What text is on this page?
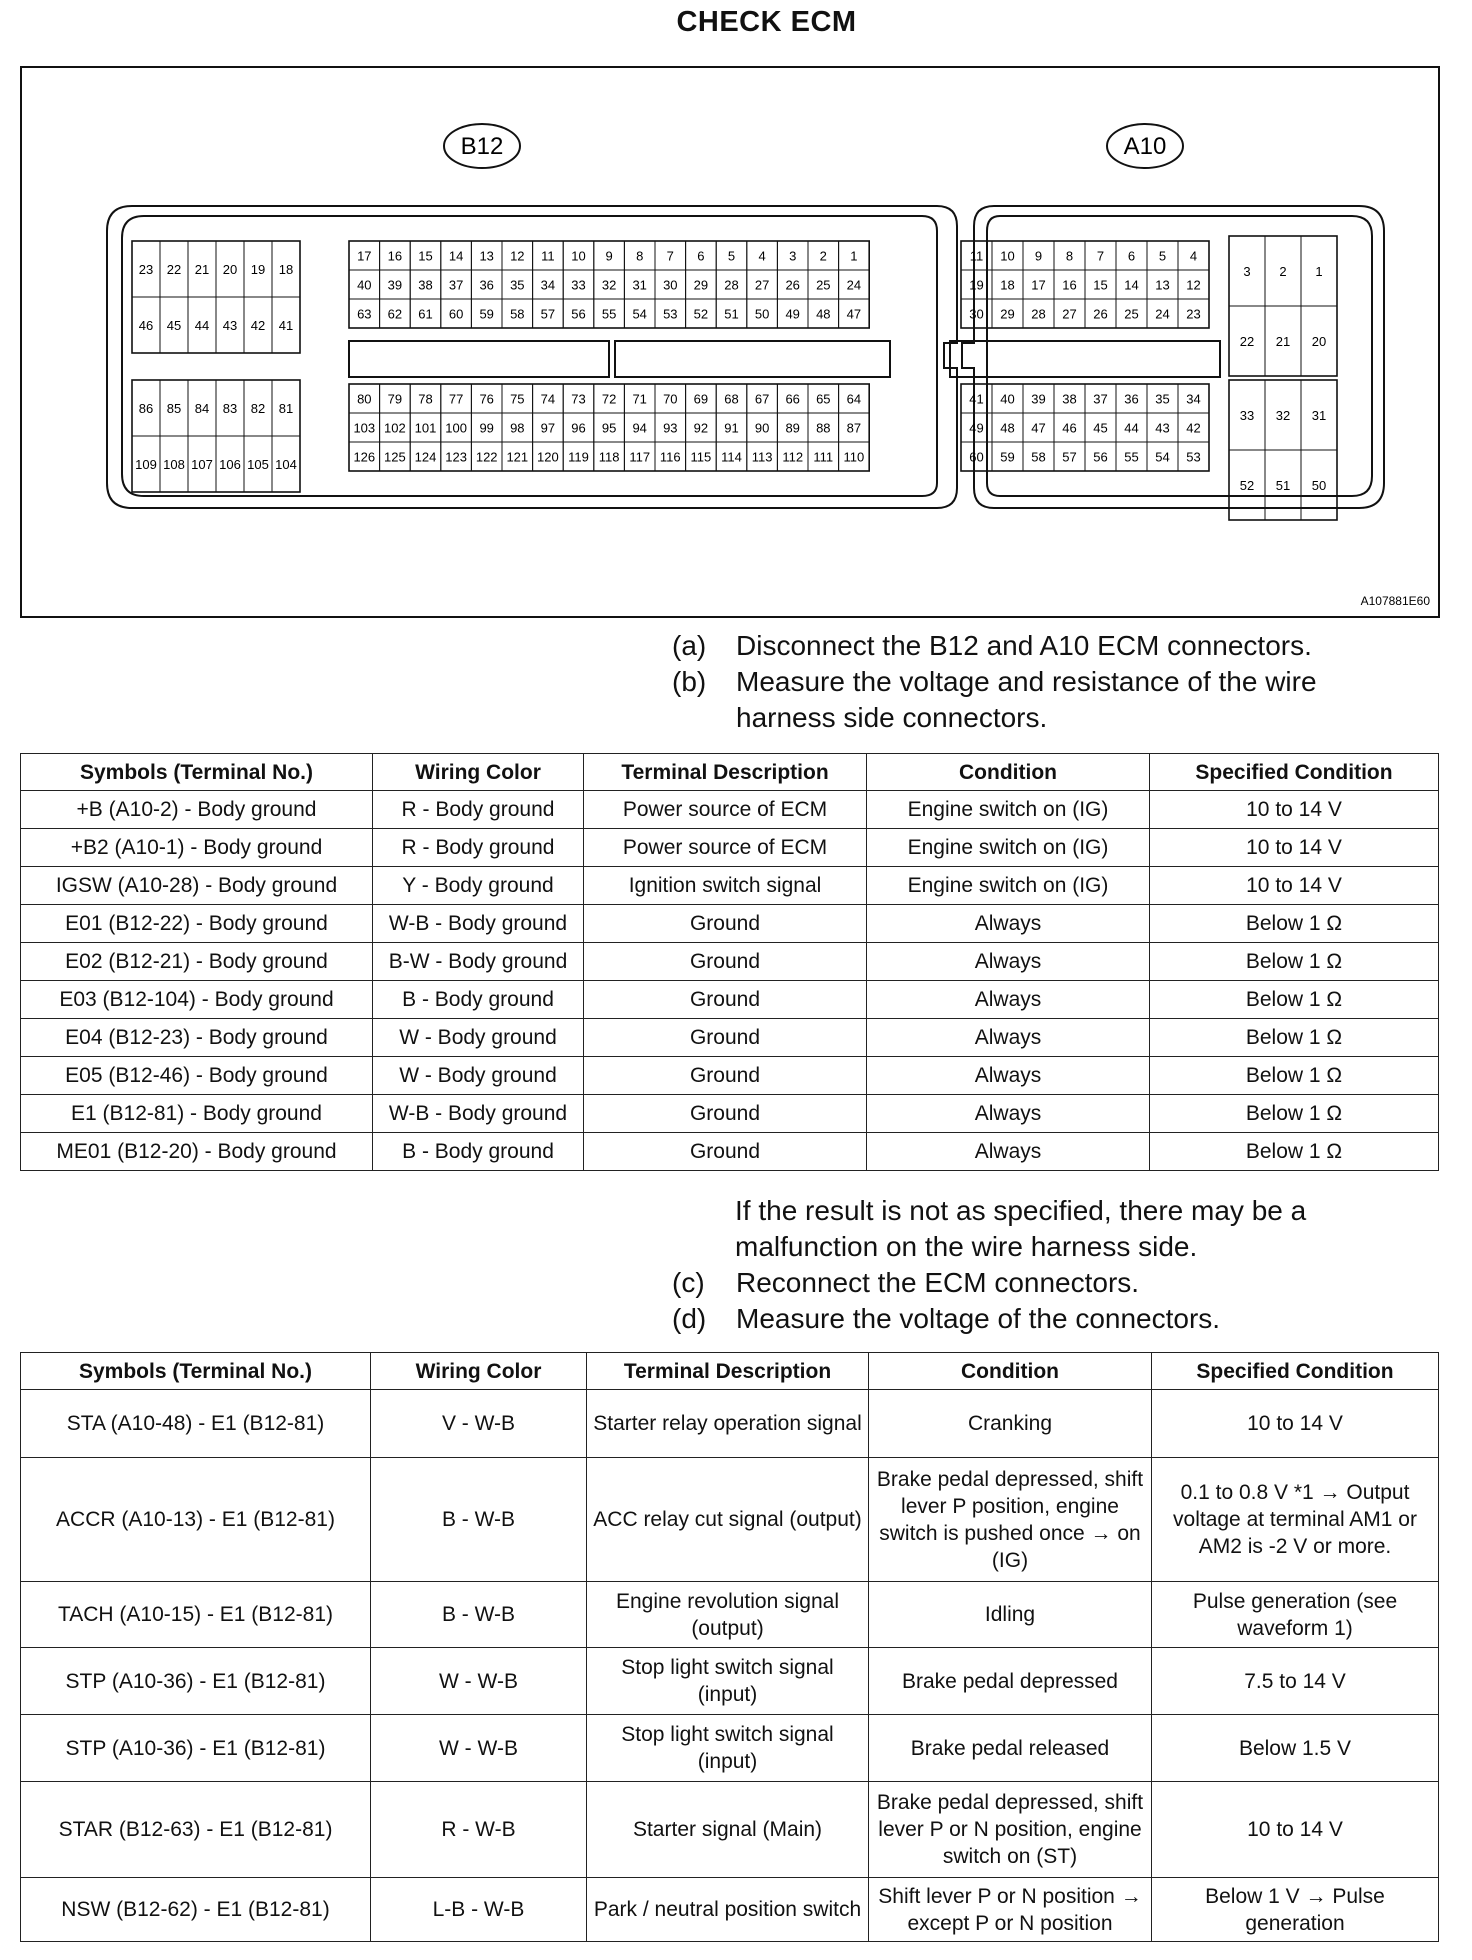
CHECK ECM
B12	A10
A107881E60
23 22 21 20 19 18
46 45 44 43 42 41
17 16 15 14 13 12 11 10 9 8 7 6 5 4 3 2 1
40 39 38 37 36 35 34 33 32 31 30 29 28 27 26 25 24
63 62 61 60 59 58 57 56 55 54 53 52 51 50 49 48 47
86 85 84 83 82 81
109 108 107 106 105 104
80 79 78 77 76 75 74 73 72 71 70 69 68 67 66 65 64
103 102 101 100 99 98 97 96 95 94 93 92 91 90 89 88 87
126 125 124 123 122 121 120 119 118 117 116 115 114 113 112 111 110
11 10 9 8 7 6 5 4
19 18 17 16 15 14 13 12
30 29 28 27 26 25 24 23
3 2 1
22 21 20
41 40 39 38 37 36 35 34
49 48 47 46 45 44 43 42
60 59 58 57 56 55 54 53
33 32 31
52 51 50
(a)	Disconnect the B12 and A10 ECM connectors.
(b)	Measure the voltage and resistance of the wire harness side connectors.
Symbols (Terminal No.)	Wiring Color	Terminal Description	Condition	Specified Condition
+B (A10-2) - Body ground	R - Body ground	Power source of ECM	Engine switch on (IG)	10 to 14 V
+B2 (A10-1) - Body ground	R - Body ground	Power source of ECM	Engine switch on (IG)	10 to 14 V
IGSW (A10-28) - Body ground	Y - Body ground	Ignition switch signal	Engine switch on (IG)	10 to 14 V
E01 (B12-22) - Body ground	W-B - Body ground	Ground	Always	Below 1 Ω
E02 (B12-21) - Body ground	B-W - Body ground	Ground	Always	Below 1 Ω
E03 (B12-104) - Body ground	B - Body ground	Ground	Always	Below 1 Ω
E04 (B12-23) - Body ground	W - Body ground	Ground	Always	Below 1 Ω
E05 (B12-46) - Body ground	W - Body ground	Ground	Always	Below 1 Ω
E1 (B12-81) - Body ground	W-B - Body ground	Ground	Always	Below 1 Ω
ME01 (B12-20) - Body ground	B - Body ground	Ground	Always	Below 1 Ω
If the result is not as specified, there may be a malfunction on the wire harness side.
(c)	Reconnect the ECM connectors.
(d)	Measure the voltage of the connectors.
Symbols (Terminal No.)	Wiring Color	Terminal Description	Condition	Specified Condition
STA (A10-48) - E1 (B12-81)	V - W-B	Starter relay operation signal	Cranking	10 to 14 V
ACCR (A10-13) - E1 (B12-81)	B - W-B	ACC relay cut signal (output)	Brake pedal depressed, shift lever P position, engine switch is pushed once → on (IG)	0.1 to 0.8 V *1 → Output voltage at terminal AM1 or AM2 is -2 V or more.
TACH (A10-15) - E1 (B12-81)	B - W-B	Engine revolution signal (output)	Idling	Pulse generation (see waveform 1)
STP (A10-36) - E1 (B12-81)	W - W-B	Stop light switch signal (input)	Brake pedal depressed	7.5 to 14 V
STP (A10-36) - E1 (B12-81)	W - W-B	Stop light switch signal (input)	Brake pedal released	Below 1.5 V
STAR (B12-63) - E1 (B12-81)	R - W-B	Starter signal (Main)	Brake pedal depressed, shift lever P or N position, engine switch on (ST)	10 to 14 V
NSW (B12-62) - E1 (B12-81)	L-B - W-B	Park / neutral position switch	Shift lever P or N position → except P or N position	Below 1 V → Pulse generation
